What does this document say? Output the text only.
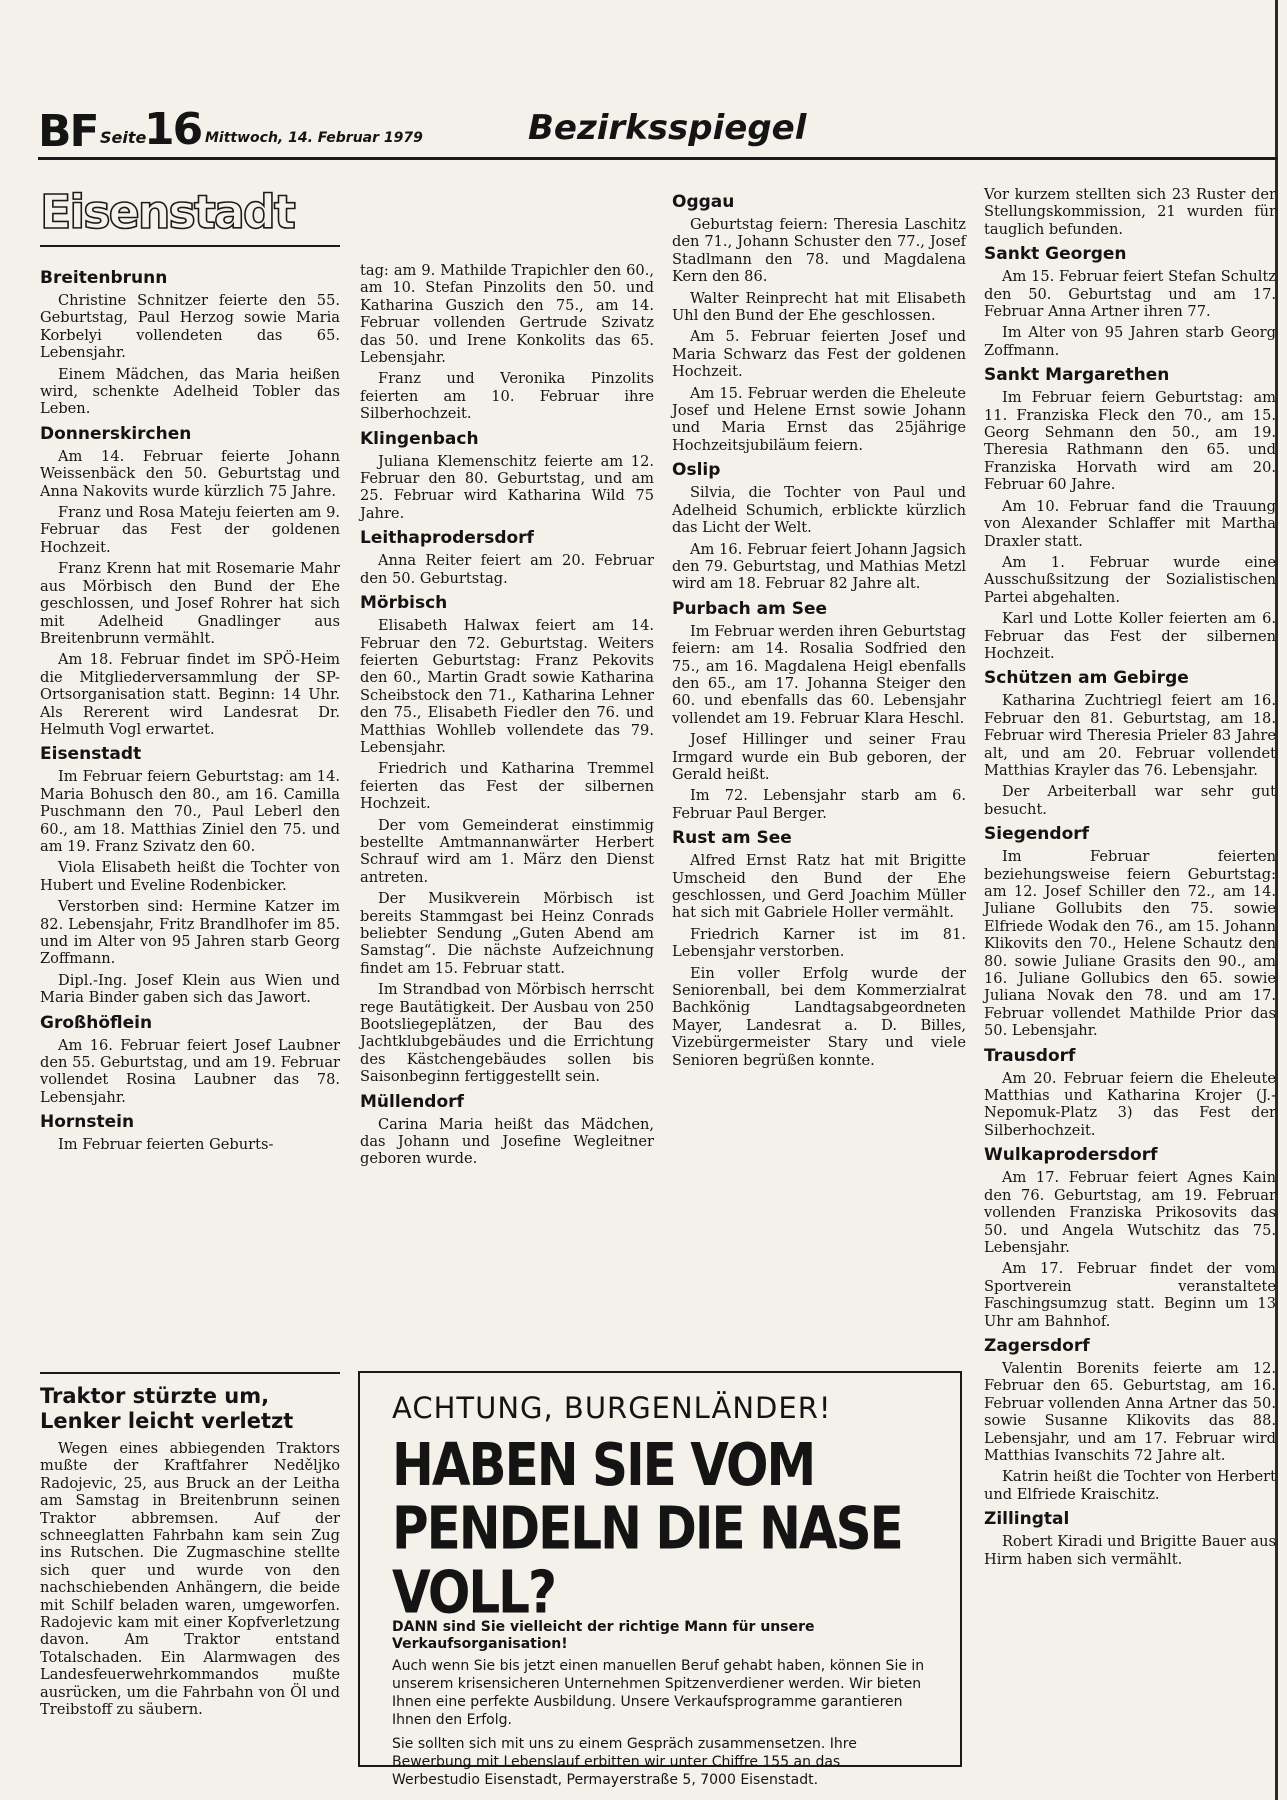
BF Seite
16 Mittwoch, 14. Februar 1979	Bezirksspiegel
Eisenstadt
Breitenbrunn

Christine Schnitzer feierte den 55. Geburtstag, Paul Herzog sowie Maria Korbelyi vollendeten das 65. Lebensjahr.

Einem Mädchen, das Maria heißen wird, schenkte Adelheid Tobler das Leben.

Donnerskirchen

Am 14. Februar feierte Johann Weissenbäck den 50. Geburtstag und Anna Nakovits wurde kürzlich 75 Jahre.

Franz und Rosa Mateju feierten am 9. Februar das Fest der goldenen Hochzeit.

Franz Krenn hat mit Rosemarie Mahr aus Mörbisch den Bund der Ehe geschlossen, und Josef Rohrer hat sich mit Adelheid Gnadlinger aus Breitenbrunn vermählt.

Am 18. Februar findet im SPÖ-Heim die Mitgliederversammlung der SP-Ortsorganisation statt. Beginn: 14 Uhr. Als Rererent wird Landesrat Dr. Helmuth Vogl erwartet.

Eisenstadt

Im Februar feiern Geburtstag: am 14. Maria Bohusch den 80., am 16. Camilla Puschmann den 70., Paul Leberl den 60., am 18. Matthias Ziniel den 75. und am 19. Franz Szivatz den 60.

Viola Elisabeth heißt die Tochter von Hubert und Eveline Rodenbicker.

Verstorben sind: Hermine Katzer im 82. Lebensjahr, Fritz Brandlhofer im 85. und im Alter von 95 Jahren starb Georg Zoffmann.

Dipl.-Ing. Josef Klein aus Wien und Maria Binder gaben sich das Jawort.

Großhöflein

Am 16. Februar feiert Josef Laubner den 55. Geburtstag, und am 19. Februar vollendet Rosina Laubner das 78. Lebensjahr.

Hornstein

Im Februar feierten Geburts-

tag: am 9. Mathilde Trapichler den 60., am 10. Stefan Pinzolits den 50. und Katharina Guszich den 75., am 14. Februar vollenden Gertrude Szivatz das 50. und Irene Konkolits das 65. Lebensjahr.

Franz und Veronika Pinzolits feierten am 10. Februar ihre Silberhochzeit.

Klingenbach

Juliana Klemenschitz feierte am 12. Februar den 80. Geburtstag, und am 25. Februar wird Katharina Wild 75 Jahre.

Leithaprodersdorf

Anna Reiter feiert am 20. Februar den 50. Geburtstag.

Mörbisch

Elisabeth Halwax feiert am 14. Februar den 72. Geburtstag. Weiters feierten Geburtstag: Franz Pekovits den 60., Martin Gradt sowie Katharina Scheibstock den 71., Katharina Lehner den 75., Elisabeth Fiedler den 76. und Matthias Wohlleb vollendete das 79. Lebensjahr.

Friedrich und Katharina Tremmel feierten das Fest der silbernen Hochzeit.

Der vom Gemeinderat einstimmig bestellte Amtmannanwärter Herbert Schrauf wird am 1. März den Dienst antreten.

Der Musikverein Mörbisch ist bereits Stammgast bei Heinz Conrads beliebter Sendung „Guten Abend am Samstag“. Die nächste Aufzeichnung findet am 15. Februar statt.

Im Strandbad von Mörbisch herrscht rege Bautätigkeit. Der Ausbau von 250 Bootsliegeplätzen, der Bau des Jachtklubgebäudes und die Errichtung des Kästchengebäudes sollen bis Saisonbeginn fertiggestellt sein.

Müllendorf

Carina Maria heißt das Mädchen, das Johann und Josefine Wegleitner geboren wurde.

Oggau

Geburtstag feiern: Theresia Laschitz den 71., Johann Schuster den 77., Josef Stadlmann den 78. und Magdalena Kern den 86.

Walter Reinprecht hat mit Elisabeth Uhl den Bund der Ehe geschlossen.

Am 5. Februar feierten Josef und Maria Schwarz das Fest der goldenen Hochzeit.

Am 15. Februar werden die Eheleute Josef und Helene Ernst sowie Johann und Maria Ernst das 25jährige Hochzeitsjubiläum feiern.

Oslip

Silvia, die Tochter von Paul und Adelheid Schumich, erblickte kürzlich das Licht der Welt.

Am 16. Februar feiert Johann Jagsich den 79. Geburtstag, und Mathias Metzl wird am 18. Februar 82 Jahre alt.

Purbach am See

Im Februar werden ihren Geburtstag feiern: am 14. Rosalia Sodfried den 75., am 16. Magdalena Heigl ebenfalls den 65., am 17. Johanna Steiger den 60. und ebenfalls das 60. Lebensjahr vollendet am 19. Februar Klara Heschl.

Josef Hillinger und seiner Frau Irmgard wurde ein Bub geboren, der Gerald heißt.

Im 72. Lebensjahr starb am 6. Februar Paul Berger.

Rust am See

Alfred Ernst Ratz hat mit Brigitte Umscheid den Bund der Ehe geschlossen, und Gerd Joachim Müller hat sich mit Gabriele Holler vermählt.

Friedrich Karner ist im 81. Lebensjahr verstorben.

Ein voller Erfolg wurde der Seniorenball, bei dem Kommerzialrat Bachkönig Landtagsabgeordneten Mayer, Landesrat a. D. Billes, Vizebürgermeister Stary und viele Senioren begrüßen konnte.

Vor kurzem stellten sich 23 Ruster der Stellungskommission, 21 wurden für tauglich befunden.

Sankt Georgen

Am 15. Februar feiert Stefan Schultz den 50. Geburtstag und am 17. Februar Anna Artner ihren 77.

Im Alter von 95 Jahren starb Georg Zoffmann.

Sankt Margarethen

Im Februar feiern Geburtstag: am 11. Franziska Fleck den 70., am 15. Georg Sehmann den 50., am 19. Theresia Rathmann den 65. und Franziska Horvath wird am 20. Februar 60 Jahre.

Am 10. Februar fand die Trauung von Alexander Schlaffer mit Martha Draxler statt.

Am 1. Februar wurde eine Ausschußsitzung der Sozialistischen Partei abgehalten.

Karl und Lotte Koller feierten am 6. Februar das Fest der silbernen Hochzeit.

Schützen am Gebirge

Katharina Zuchtriegl feiert am 16. Februar den 81. Geburtstag, am 18. Februar wird Theresia Prieler 83 Jahre alt, und am 20. Februar vollendet Matthias Krayler das 76. Lebensjahr.

Der Arbeiterball war sehr gut besucht.

Siegendorf

Im Februar feierten beziehungsweise feiern Geburtstag: am 12. Josef Schiller den 72., am 14. Juliane Gollubits den 75. sowie Elfriede Wodak den 76., am 15. Johann Klikovits den 70., Helene Schautz den 80. sowie Juliane Grasits den 90., am 16. Juliane Gollubics den 65. sowie Juliana Novak den 78. und am 17. Februar vollendet Mathilde Prior das 50. Lebensjahr.

Trausdorf

Am 20. Februar feiern die Eheleute Matthias und Katharina Krojer (J.-Nepomuk-Platz 3) das Fest der Silberhochzeit.

Wulkaprodersdorf

Am 17. Februar feiert Agnes Kain den 76. Geburtstag, am 19. Februar vollenden Franziska Prikosovits das 50. und Angela Wutschitz das 75. Lebensjahr.

Am 17. Februar findet der vom Sportverein veranstaltete Faschingsumzug statt. Beginn um 13 Uhr am Bahnhof.

Zagersdorf

Valentin Borenits feierte am 12. Februar den 65. Geburtstag, am 16. Februar vollenden Anna Artner das 50. sowie Susanne Klikovits das 88. Lebensjahr, und am 17. Februar wird Matthias Ivanschits 72 Jahre alt.

Katrin heißt die Tochter von Herbert und Elfriede Kraischitz.

Zillingtal

Robert Kiradi und Brigitte Bauer aus Hirm haben sich vermählt.

Traktor stürzte um, Lenker leicht verletzt

Wegen eines abbiegenden Traktors mußte der Kraftfahrer Neděljko Radojevic, 25, aus Bruck an der Leitha am Samstag in Breitenbrunn seinen Traktor abbremsen. Auf der schneeglatten Fahrbahn kam sein Zug ins Rutschen. Die Zugmaschine stellte sich quer und wurde von den nachschiebenden Anhängern, die beide mit Schilf beladen waren, umgeworfen. Radojevic kam mit einer Kopfverletzung davon. Am Traktor entstand Totalschaden. Ein Alarmwagen des Landesfeuerwehrkommandos mußte ausrücken, um die Fahrbahn von Öl und Treibstoff zu säubern.

ACHTUNG, BURGENLÄNDER!
HABEN SIE VOM PENDELN DIE NASE VOLL?

DANN sind Sie vielleicht der richtige Mann für unsere Verkaufsorganisation!

Auch wenn Sie bis jetzt einen manuellen Beruf gehabt haben, können Sie in unserem krisensicheren Unternehmen Spitzenverdiener werden. Wir bieten Ihnen eine perfekte Ausbildung. Unsere Verkaufsprogramme garantieren Ihnen den Erfolg.

Sie sollten sich mit uns zu einem Gespräch zusammensetzen. Ihre Bewerbung mit Lebenslauf erbitten wir unter Chiffre 155 an das Werbestudio Eisenstadt, Permayerstraße 5, 7000 Eisenstadt.
